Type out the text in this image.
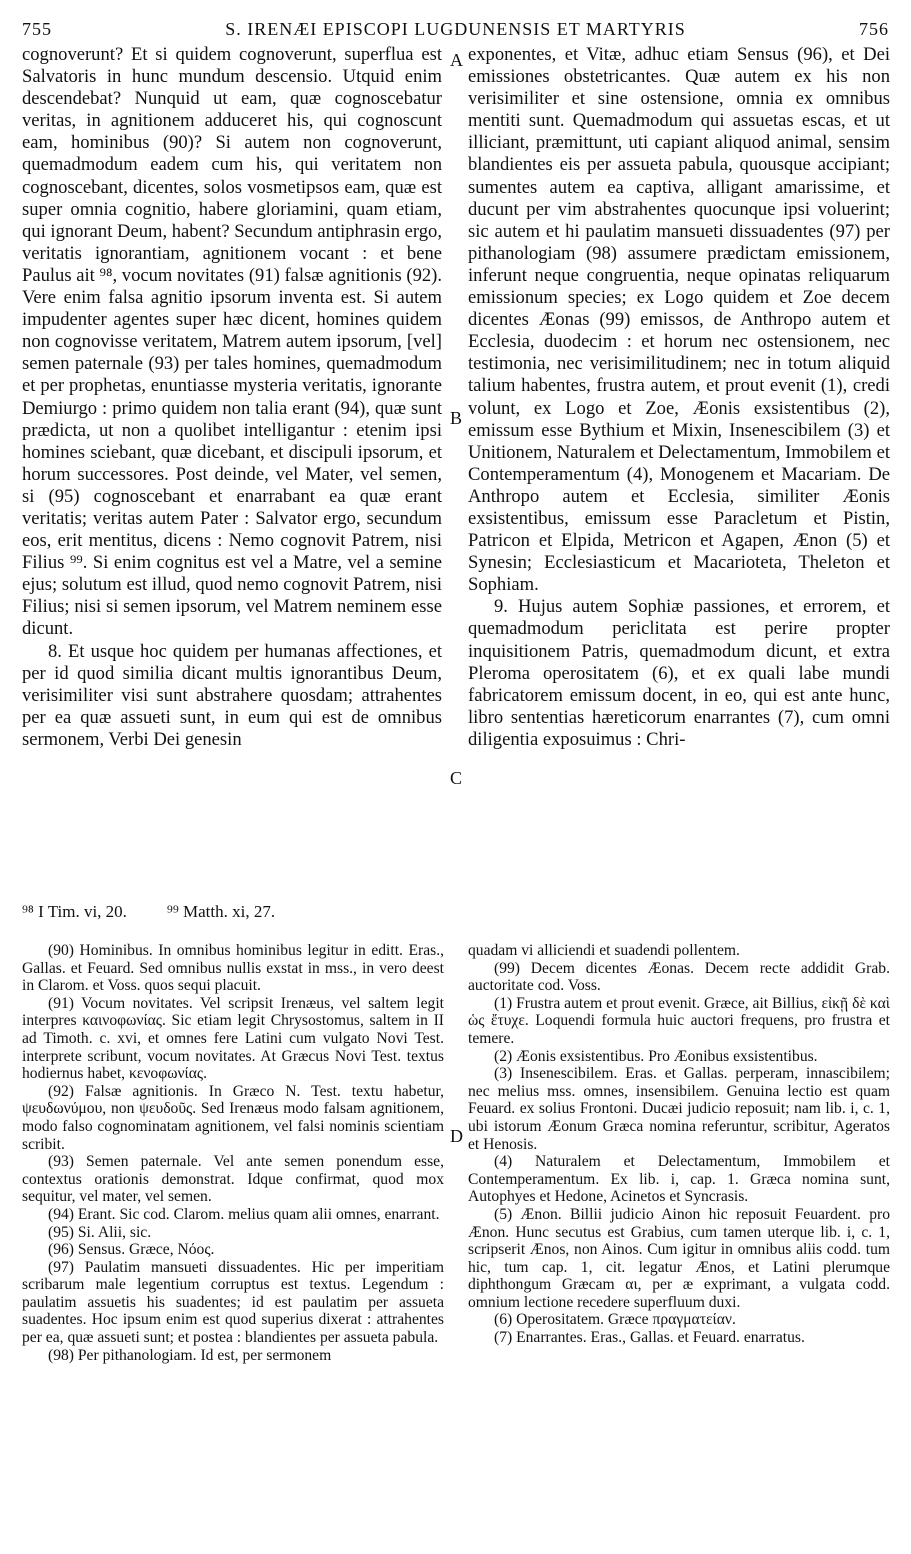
755	S. IRENÆI EPISCOPI LUGDUNENSIS ET MARTYRIS	756

cognoverunt? Et si quidem cognoverunt, superflua est Salvatoris in hunc mundum descensio. Utquid enim descendebat? Nunquid ut eam, quæ cognoscebatur veritas, in agnitionem adduceret his, qui cognoscunt eam, hominibus (90)? Si autem non cognoverunt, quemadmodum eadem cum his, qui veritatem non cognoscebant, dicentes, solos vosmetipsos eam, quæ est super omnia cognitio, habere gloriamini, quam etiam, qui ignorant Deum, habent? Secundum antiphrasin ergo, veritatis ignorantiam, agnitionem vocant : et bene Paulus ait ⁹⁸, vocum novitates (91) falsæ agnitionis (92). Vere enim falsa agnitio ipsorum inventa est. Si autem impudenter agentes super hæc dicent, homines quidem non cognovisse veritatem, Matrem autem ipsorum, [vel] semen paternale (93) per tales homines, quemadmodum et per prophetas, enuntiasse mysteria veritatis, ignorante Demiurgo : primo quidem non talia erant (94), quæ sunt prædicta, ut non a quolibet intelligantur : etenim ipsi homines sciebant, quæ dicebant, et discipuli ipsorum, et horum successores. Post deinde, vel Mater, vel semen, si (95) cognoscebant et enarrabant ea quæ erant veritatis; veritas autem Pater : Salvator ergo, secundum eos, erit mentitus, dicens : Nemo cognovit Patrem, nisi Filius ⁹⁹. Si enim cognitus est vel a Matre, vel a semine ejus; solutum est illud, quod nemo cognovit Patrem, nisi Filius; nisi si semen ipsorum, vel Matrem neminem esse dicunt.

8. Et usque hoc quidem per humanas affectiones, et per id quod similia dicant multis ignorantibus Deum, verisimiliter visi sunt abstrahere quosdam; attrahentes per ea quæ assueti sunt, in eum qui est de omnibus sermonem, Verbi Dei genesin

A
B
C
D

exponentes, et Vitæ, adhuc etiam Sensus (96), et Dei emissiones obstetricantes. Quæ autem ex his non verisimiliter et sine ostensione, omnia ex omnibus mentiti sunt. Quemadmodum qui assuetas escas, et ut illiciant, præmittunt, uti capiant aliquod animal, sensim blandientes eis per assueta pabula, quousque accipiant; sumentes autem ea captiva, alligant amarissime, et ducunt per vim abstrahentes quocunque ipsi voluerint; sic autem et hi paulatim mansueti dissuadentes (97) per pithanologiam (98) assumere prædictam emissionem, inferunt neque congruentia, neque opinatas reliquarum emissionum species; ex Logo quidem et Zoe decem dicentes Æonas (99) emissos, de Anthropo autem et Ecclesia, duodecim : et horum nec ostensionem, nec testimonia, nec verisimilitudinem; nec in totum aliquid talium habentes, frustra autem, et prout evenit (1), credi volunt, ex Logo et Zoe, Æonis exsistentibus (2), emissum esse Bythium et Mixin, Insenescibilem (3) et Unitionem, Naturalem et Delectamentum, Immobilem et Contemperamentum (4), Monogenem et Macariam. De Anthropo autem et Ecclesia, similiter Æonis exsistentibus, emissum esse Paracletum et Pistin, Patricon et Elpida, Metricon et Agapen, Ænon (5) et Synesin; Ecclesiasticum et Macarioteta, Theleton et Sophiam.

9. Hujus autem Sophiæ passiones, et errorem, et quemadmodum periclitata est perire propter inquisitionem Patris, quemadmodum dicunt, et extra Pleroma operositatem (6), et ex quali labe mundi fabricatorem emissum docent, in eo, qui est ante hunc, libro sententias hæreticorum enarrantes (7), cum omni diligentia exposuimus : Chri-

⁹⁸ I Tim. vi, 20. ⁹⁹ Matth. xi, 27.

(90) Hominibus. In omnibus hominibus legitur in editt. Eras., Gallas. et Feuard. Sed omnibus nullis exstat in mss., in vero deest in Clarom. et Voss. quos sequi placuit.

(91) Vocum novitates. Vel scripsit Irenæus, vel saltem legit interpres καινοφωνίας. Sic etiam legit Chrysostomus, saltem in II ad Timoth. c. xvi, et omnes fere Latini cum vulgato Novi Test. interprete scribunt, vocum novitates. At Græcus Novi Test. textus hodiernus habet, κενοφωνίας.

(92) Falsæ agnitionis. In Græco N. Test. textu habetur, ψευδωνύμου, non ψευδοῦς. Sed Irenæus modo falsam agnitionem, modo falso cognominatam agnitionem, vel falsi nominis scientiam scribit.

(93) Semen paternale. Vel ante semen ponendum esse, contextus orationis demonstrat. Idque confirmat, quod mox sequitur, vel mater, vel semen.

(94) Erant. Sic cod. Clarom. melius quam alii omnes, enarrant.

(95) Si. Alii, sic.

(96) Sensus. Græce, Νόος.

(97) Paulatim mansueti dissuadentes. Hic per imperitiam scribarum male legentium corruptus est textus. Legendum : paulatim assuetis his suadentes; id est paulatim per assueta suadentes. Hoc ipsum enim est quod superius dixerat : attrahentes per ea, quæ assueti sunt; et postea : blandientes per assueta pabula.

(98) Per pithanologiam. Id est, per sermonem

quadam vi alliciendi et suadendi pollentem.

(99) Decem dicentes Æonas. Decem recte addidit Grab. auctoritate cod. Voss.

(1) Frustra autem et prout evenit. Græce, ait Billius, εἰκῇ δὲ καὶ ὡς ἔτυχε. Loquendi formula huic auctori frequens, pro frustra et temere.

(2) Æonis exsistentibus. Pro Æonibus exsistentibus.

(3) Insenescibilem. Eras. et Gallas. perperam, innascibilem; nec melius mss. omnes, insensibilem. Genuina lectio est quam Feuard. ex solius Frontoni. Ducæi judicio reposuit; nam lib. i, c. 1, ubi istorum Æonum Græca nomina referuntur, scribitur, Ageratos et Henosis.

(4) Naturalem et Delectamentum, Immobilem et Contemperamentum. Ex lib. i, cap. 1. Græca nomina sunt, Autophyes et Hedone, Acinetos et Syncrasis.

(5) Ænon. Billii judicio Ainon hic reposuit Feuardent. pro Ænon. Hunc secutus est Grabius, cum tamen uterque lib. i, c. 1, scripserit Ænos, non Ainos. Cum igitur in omnibus aliis codd. tum hic, tum cap. 1, cit. legatur Ænos, et Latini plerumque diphthongum Græcam αι, per æ exprimant, a vulgata codd. omnium lectione recedere superfluum duxi.

(6) Operositatem. Græce πραγματείαν.

(7) Enarrantes. Eras., Gallas. et Feuard. enarratus.
